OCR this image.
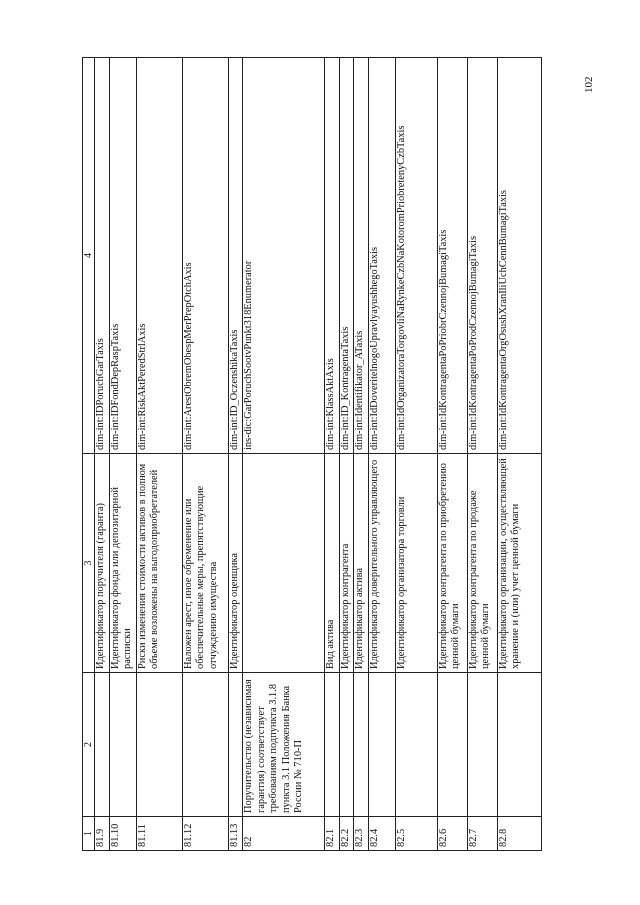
102
1	2	3	4
81.9		Идентификатор поручителя (гаранта)	dim-int:IDPoruchGarTaxis
81.10		Идентификатор фонда или депозитарной расписки	dim-int:IDFondDepRaspTaxis
81.11		Риски изменения стоимости активов в полном объеме возложены на выгодоприобретателей	dim-int:RiskAktPeredStrlAxis
81.12		Наложен арест, иное обременение или обеспечительные меры, препятствующие отчуждению имущества	dim-int:ArestObremObespMerPrepOtchAxis
81.13		Идентификатор оценщика	dim-int:ID_OczenshikaTaxis
82	Поручительство (независимая гарантия) соответствует требованиям подпункта 3.1.8 пункта 3.1 Положения Банка России № 710-П		ins-dic:GarPoruchSootvPunkt318Enumerator
82.1		Вид актива	dim-int:KlassAktAxis
82.2		Идентификатор контрагента	dim-int:ID_KontragentaTaxis
82.3		Идентификатор актива	dim-int:Identifikator_ATaxis
82.4		Идентификатор доверительного управляющего	dim-int:IdDoveritelnogoUpravlyayushhegoTaxis
82.5		Идентификатор организатора торговли	dim-int:IdOrganizatoraTorgovliNaRynkeCzbNaKotoromPriobretenyCzbTaxis
82.6		Идентификатор контрагента по приобретению ценной бумаги	dim-int:IdKontragentaPoPriobrCzennojBumagiTaxis
82.7		Идентификатор контрагента по продаже ценной бумаги	dim-int:IdKontragentaPoProdCzennojBumagiTaxis
82.8		Идентификатор организации, осуществляющей хранение и (или) учет ценной бумаги	dim-int:IdKontragentaOrgOsushXranIliUchCennBumagiTaxis
